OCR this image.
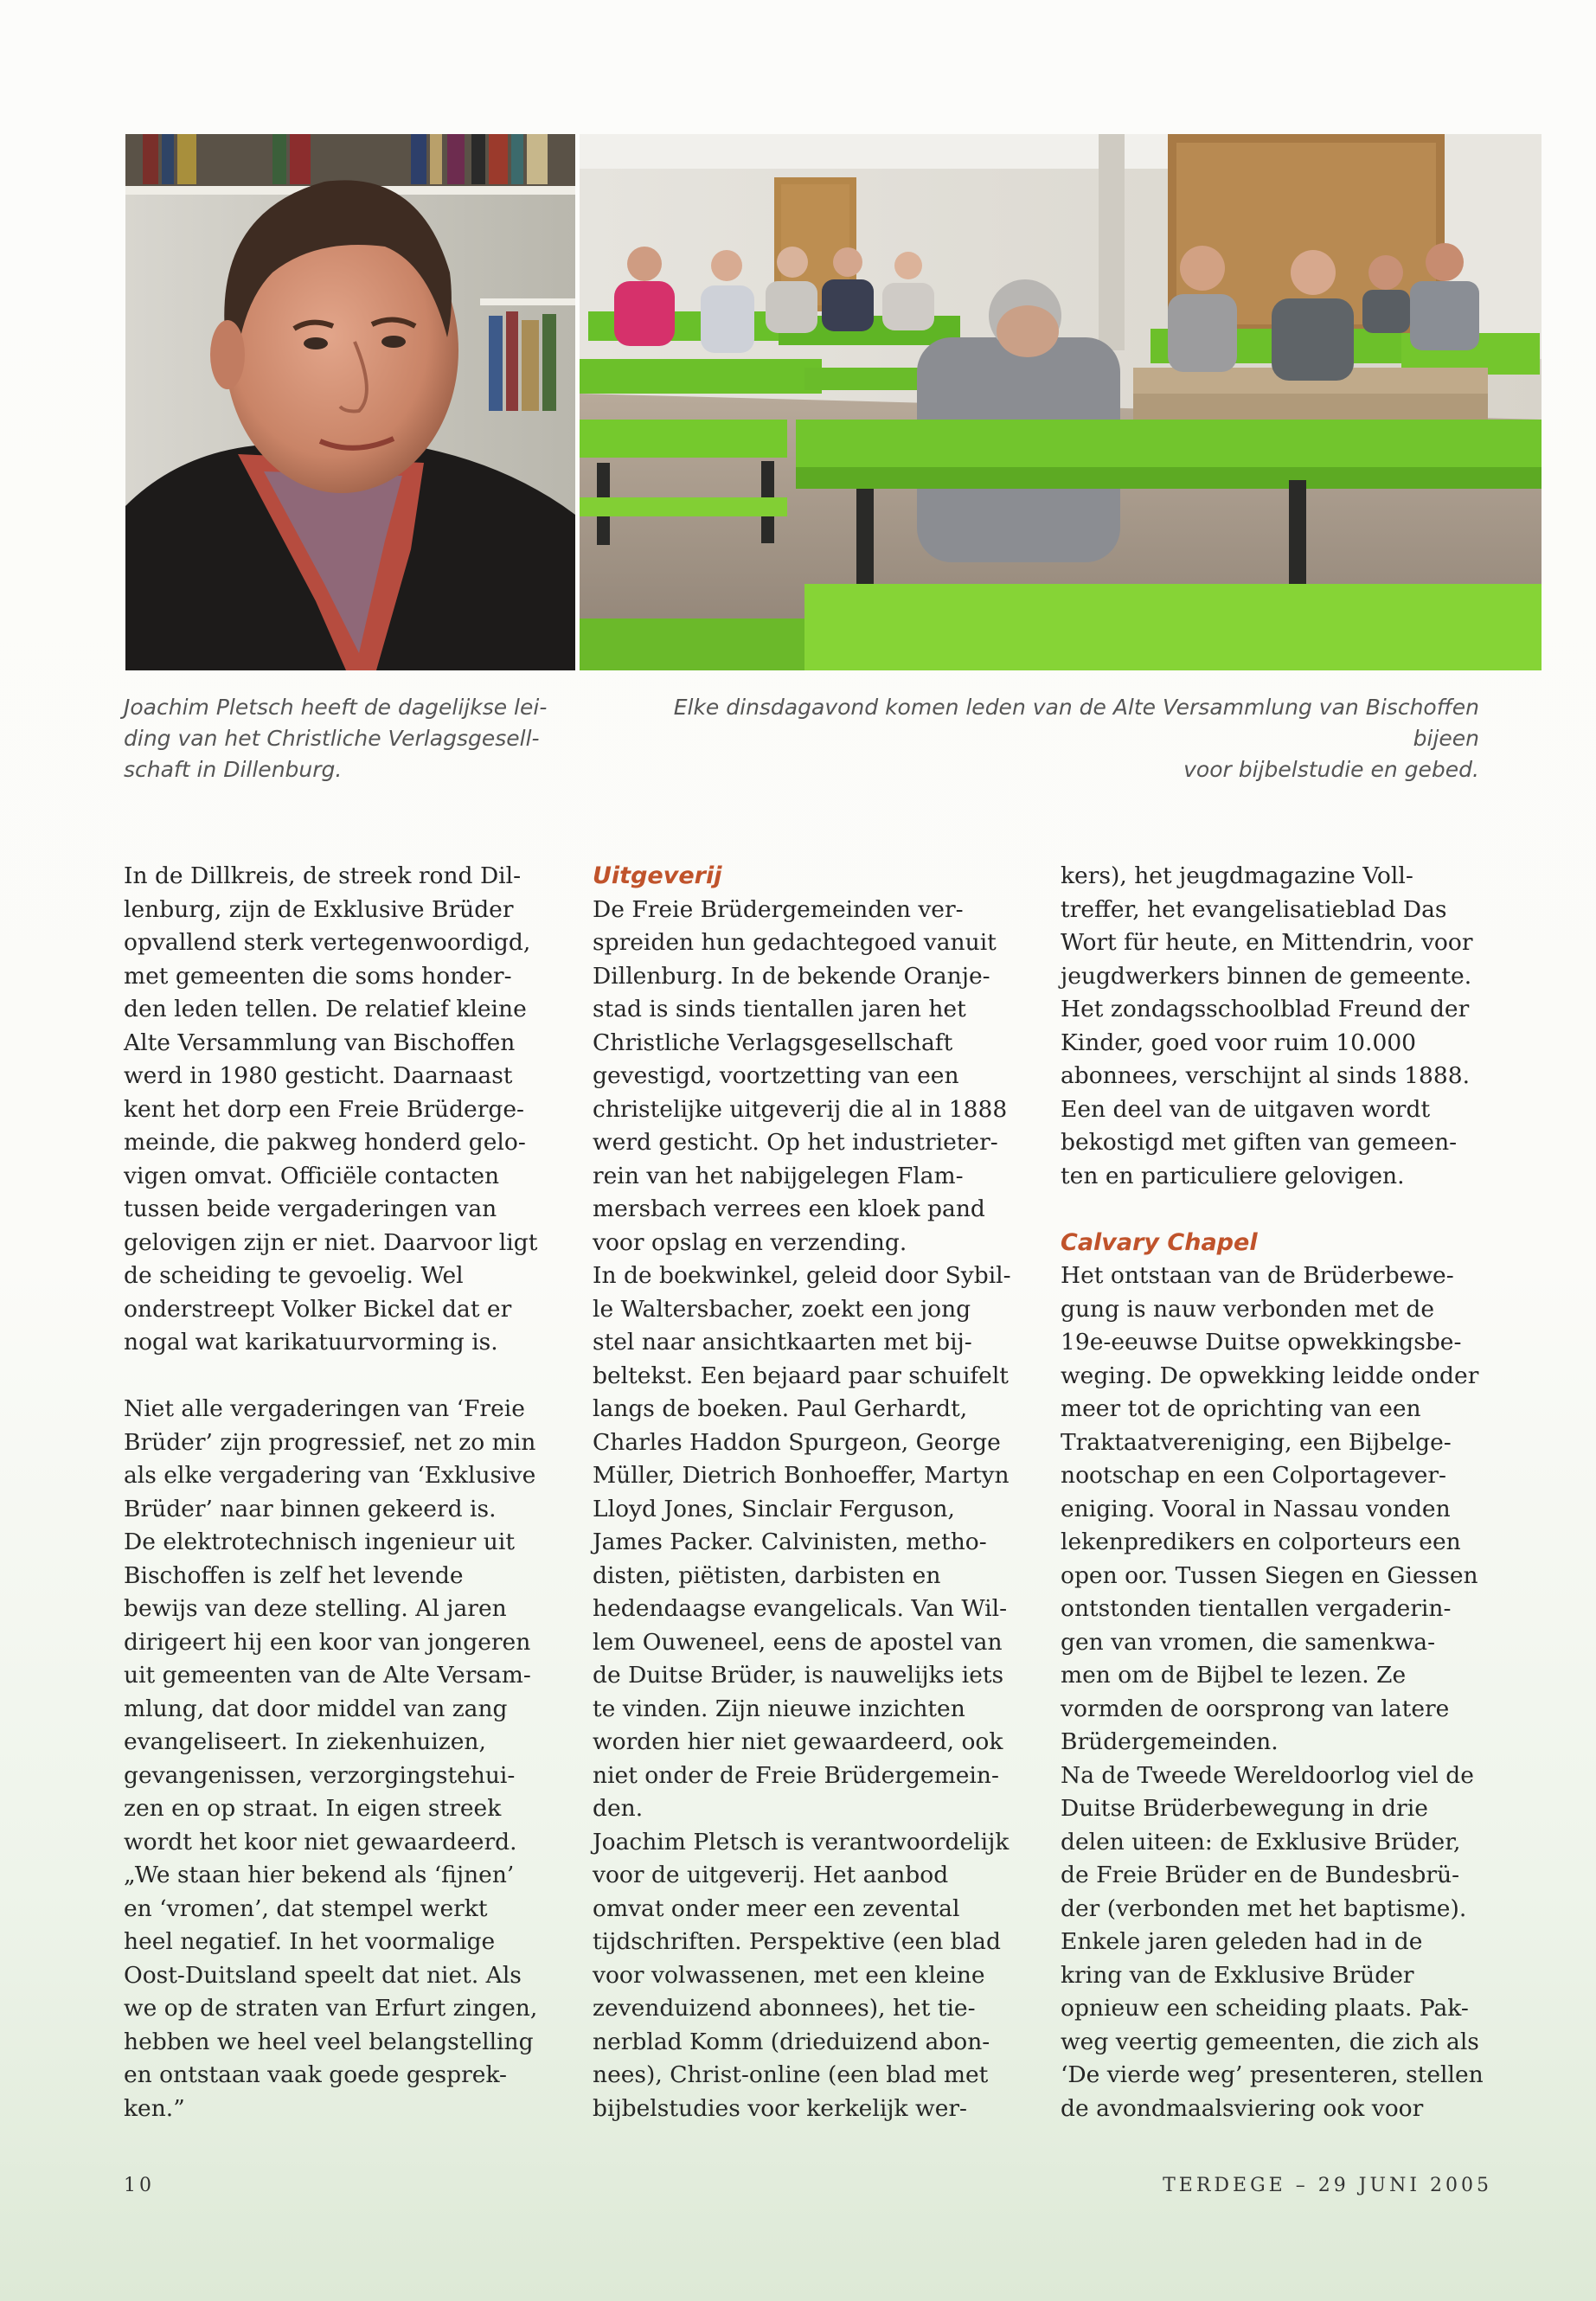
Joachim Pletsch heeft de dagelijkse lei-
ding van het Christliche Verlagsgesell-
schaft in Dillenburg.
Elke dinsdagavond komen leden van de Alte Versammlung van Bischoffen bijeen
voor bijbelstudie en gebed.
In de Dillkreis, de streek rond Dil-
lenburg, zijn de Exklusive Brüder
opvallend sterk vertegenwoordigd,
met gemeenten die soms honder-
den leden tellen. De relatief kleine
Alte Versammlung van Bischoffen
werd in 1980 gesticht. Daarnaast
kent het dorp een Freie Brüderge-
meinde, die pakweg honderd gelo-
vigen omvat. Officiële contacten
tussen beide vergaderingen van
gelovigen zijn er niet. Daarvoor ligt
de scheiding te gevoelig. Wel
onderstreept Volker Bickel dat er
nogal wat karikatuurvorming is.
Niet alle vergaderingen van ‘Freie
Brüder’ zijn progressief, net zo min
als elke vergadering van ‘Exklusive
Brüder’ naar binnen gekeerd is.
De elektrotechnisch ingenieur uit
Bischoffen is zelf het levende
bewijs van deze stelling. Al jaren
dirigeert hij een koor van jongeren
uit gemeenten van de Alte Versam-
mlung, dat door middel van zang
evangeliseert. In ziekenhuizen,
gevangenissen, verzorgingstehui-
zen en op straat. In eigen streek
wordt het koor niet gewaardeerd.
„We staan hier bekend als ‘fijnen’
en ‘vromen’, dat stempel werkt
heel negatief. In het voormalige
Oost-Duitsland speelt dat niet. Als
we op de straten van Erfurt zingen,
hebben we heel veel belangstelling
en ontstaan vaak goede gesprek-
ken.”
Uitgeverij
De Freie Brüdergemeinden ver-
spreiden hun gedachtegoed vanuit
Dillenburg. In de bekende Oranje-
stad is sinds tientallen jaren het
Christliche Verlagsgesellschaft
gevestigd, voortzetting van een
christelijke uitgeverij die al in 1888
werd gesticht. Op het industrieter-
rein van het nabijgelegen Flam-
mersbach verrees een kloek pand
voor opslag en verzending.
In de boekwinkel, geleid door Sybil-
le Waltersbacher, zoekt een jong
stel naar ansichtkaarten met bij-
beltekst. Een bejaard paar schuifelt
langs de boeken. Paul Gerhardt,
Charles Haddon Spurgeon, George
Müller, Dietrich Bonhoeffer, Martyn
Lloyd Jones, Sinclair Ferguson,
James Packer. Calvinisten, metho-
disten, piëtisten, darbisten en
hedendaagse evangelicals. Van Wil-
lem Ouweneel, eens de apostel van
de Duitse Brüder, is nauwelijks iets
te vinden. Zijn nieuwe inzichten
worden hier niet gewaardeerd, ook
niet onder de Freie Brüdergemein-
den.
Joachim Pletsch is verantwoordelijk
voor de uitgeverij. Het aanbod
omvat onder meer een zevental
tijdschriften. Perspektive (een blad
voor volwassenen, met een kleine
zevenduizend abonnees), het tie-
nerblad Komm (drieduizend abon-
nees), Christ-online (een blad met
bijbelstudies voor kerkelijk wer-
kers), het jeugdmagazine Voll-
treffer, het evangelisatieblad Das
Wort für heute, en Mittendrin, voor
jeugdwerkers binnen de gemeente.
Het zondagsschoolblad Freund der
Kinder, goed voor ruim 10.000
abonnees, verschijnt al sinds 1888.
Een deel van de uitgaven wordt
bekostigd met giften van gemeen-
ten en particuliere gelovigen.
Calvary Chapel
Het ontstaan van de Brüderbewe-
gung is nauw verbonden met de
19e-eeuwse Duitse opwekkingsbe-
weging. De opwekking leidde onder
meer tot de oprichting van een
Traktaatvereniging, een Bijbelge-
nootschap en een Colportagever-
eniging. Vooral in Nassau vonden
lekenpredikers en colporteurs een
open oor. Tussen Siegen en Giessen
ontstonden tientallen vergaderin-
gen van vromen, die samenkwa-
men om de Bijbel te lezen. Ze
vormden de oorsprong van latere
Brüdergemeinden.
Na de Tweede Wereldoorlog viel de
Duitse Brüderbewegung in drie
delen uiteen: de Exklusive Brüder,
de Freie Brüder en de Bundesbrü-
der (verbonden met het baptisme).
Enkele jaren geleden had in de
kring van de Exklusive Brüder
opnieuw een scheiding plaats. Pak-
weg veertig gemeenten, die zich als
‘De vierde weg’ presenteren, stellen
de avondmaalsviering ook voor
10	TERDEGE – 29 JUNI 2005
